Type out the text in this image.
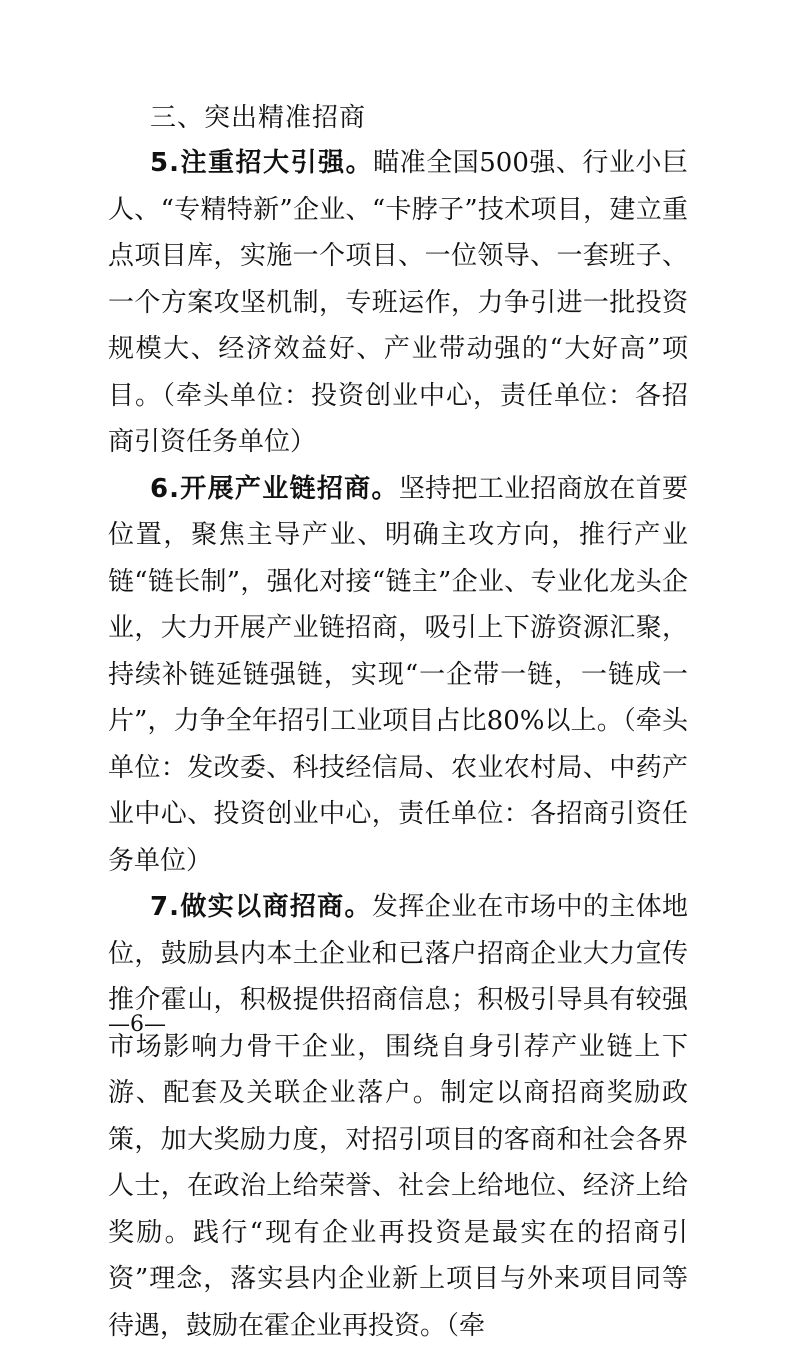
三、突出精准招商

5.注重招大引强。瞄准全国500强、行业小巨人、“专精特新”企业、“卡脖子”技术项目，建立重点项目库，实施一个项目、一位领导、一套班子、一个方案攻坚机制，专班运作，力争引进一批投资规模大、经济效益好、产业带动强的“大好高”项目。（牵头单位：投资创业中心，责任单位：各招商引资任务单位）

6.开展产业链招商。坚持把工业招商放在首要位置，聚焦主导产业、明确主攻方向，推行产业链“链长制”，强化对接“链主”企业、专业化龙头企业，大力开展产业链招商，吸引上下游资源汇聚，持续补链延链强链，实现“一企带一链，一链成一片”，力争全年招引工业项目占比80%以上。（牵头单位：发改委、科技经信局、农业农村局、中药产业中心、投资创业中心，责任单位：各招商引资任务单位）

7.做实以商招商。发挥企业在市场中的主体地位，鼓励县内本土企业和已落户招商企业大力宣传推介霍山，积极提供招商信息；积极引导具有较强市场影响力骨干企业，围绕自身引荐产业链上下游、配套及关联企业落户。制定以商招商奖励政策，加大奖励力度，对招引项目的客商和社会各界人士，在政治上给荣誉、社会上给地位、经济上给奖励。践行“现有企业再投资是最实在的招商引资”理念，落实县内企业新上项目与外来项目同等待遇，鼓励在霍企业再投资。（牵

—6—
